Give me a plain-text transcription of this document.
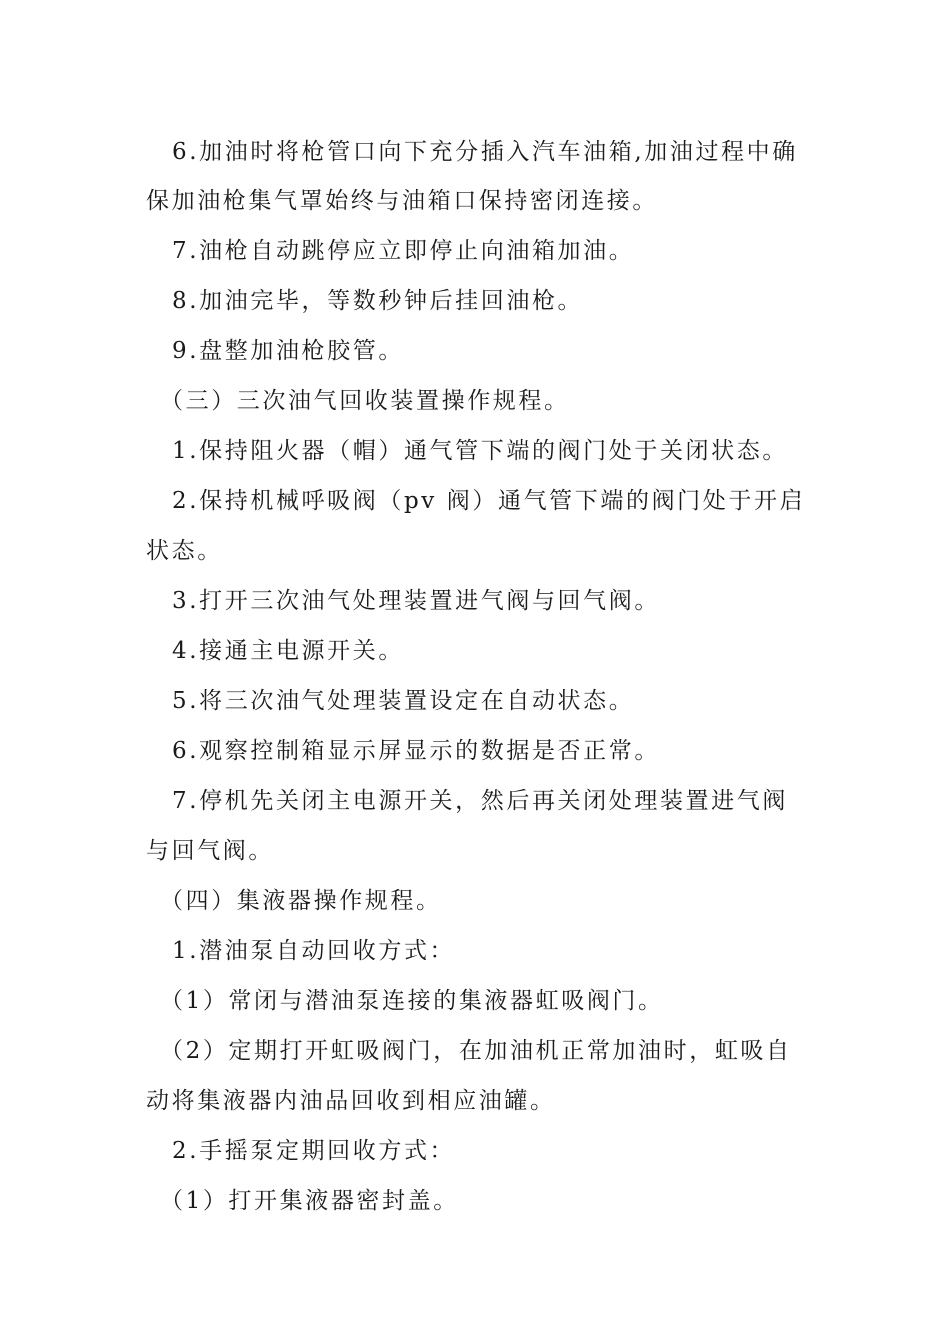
6.加油时将枪管口向下充分插入汽车油箱,加油过程中确
保加油枪集气罩始终与油箱口保持密闭连接。
7.油枪自动跳停应立即停止向油箱加油。
8.加油完毕，等数秒钟后挂回油枪。
9.盘整加油枪胶管。
（三）三次油气回收装置操作规程。
1.保持阻火器（帽）通气管下端的阀门处于关闭状态。
2.保持机械呼吸阀（pv 阀）通气管下端的阀门处于开启
状态。
3.打开三次油气处理装置进气阀与回气阀。
4.接通主电源开关。
5.将三次油气处理装置设定在自动状态。
6.观察控制箱显示屏显示的数据是否正常。
7.停机先关闭主电源开关，然后再关闭处理装置进气阀
与回气阀。
（四）集液器操作规程。
1.潜油泵自动回收方式：
（1）常闭与潜油泵连接的集液器虹吸阀门。
（2）定期打开虹吸阀门，在加油机正常加油时，虹吸自
动将集液器内油品回收到相应油罐。
2.手摇泵定期回收方式：
（1）打开集液器密封盖。
